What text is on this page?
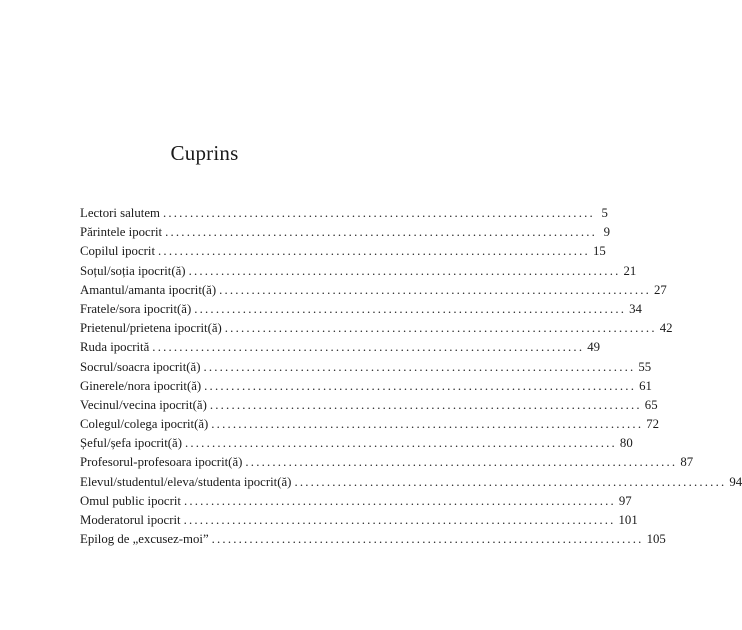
Cuprins
Lectori salutem ................................................................................ 5
Părintele ipocrit ................................................................................ 9
Copilul ipocrit ................................................................................ 15
Soțul/soția ipocrit(ă) ................................................................................ 21
Amantul/amanta ipocrit(ă) ................................................................................ 27
Fratele/sora ipocrit(ă) ................................................................................ 34
Prietenul/prietena ipocrit(ă) ................................................................................ 42
Ruda ipocrită ................................................................................ 49
Socrul/soacra ipocrit(ă) ................................................................................ 55
Ginerele/nora ipocrit(ă) ................................................................................ 61
Vecinul/vecina ipocrit(ă) ................................................................................ 65
Colegul/colega ipocrit(ă) ................................................................................ 72
Șeful/șefa ipocrit(ă) ................................................................................ 80
Profesorul-profesoara ipocrit(ă) ................................................................................ 87
Elevul/studentul/eleva/studenta ipocrit(ă) ................................................................................ 94
Omul public ipocrit ................................................................................ 97
Moderatorul ipocrit ................................................................................ 101
Epilog de „excusez-moi” ................................................................................ 105
